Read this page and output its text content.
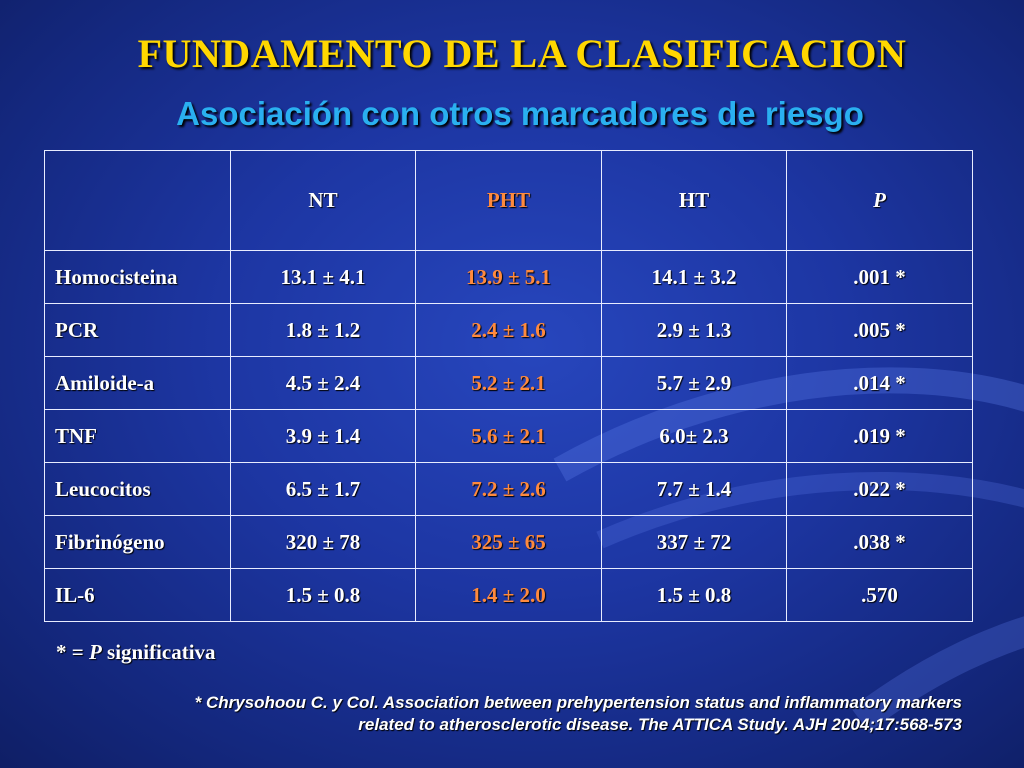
FUNDAMENTO DE LA CLASIFICACION
Asociación con otros marcadores de riesgo
	NT	PHT	HT	P
Homocisteina	13.1 ± 4.1	13.9 ± 5.1	14.1 ± 3.2	.001 *
PCR	1.8 ± 1.2	2.4 ± 1.6	2.9 ± 1.3	.005 *
Amiloide-a	4.5 ± 2.4	5.2 ± 2.1	5.7 ± 2.9	.014 *
TNF	3.9 ± 1.4	5.6 ± 2.1	6.0± 2.3	.019 *
Leucocitos	6.5 ± 1.7	7.2 ± 2.6	7.7 ± 1.4	.022 *
Fibrinógeno	320 ± 78	325 ± 65	337 ± 72	.038 *
IL-6	1.5 ± 0.8	1.4 ± 2.0	1.5 ± 0.8	.570
* = P significativa
* Chrysohoou C. y Col. Association between prehypertension status and inflammatory markers
related to atherosclerotic disease. The ATTICA Study. AJH 2004;17:568-573
